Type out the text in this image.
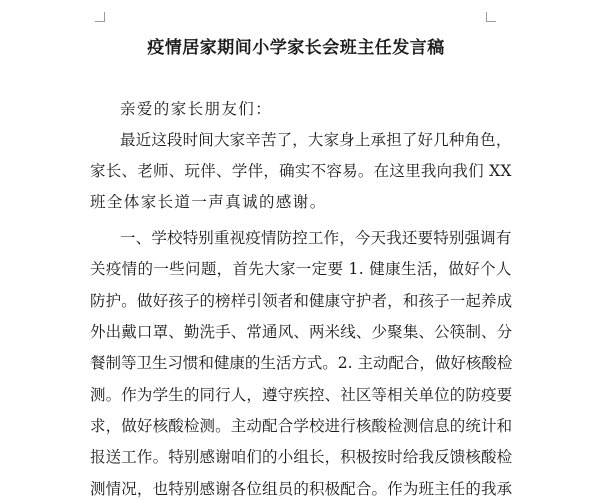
疫情居家期间小学家长会班主任发言稿
亲爱的家长朋友们：
最近这段时间大家辛苦了，大家身上承担了好几种角色，
家长、老师、玩伴、学伴，确实不容易。在这里我向我们 XX
班全体家长道一声真诚的感谢。
一、学校特别重视疫情防控工作，今天我还要特别强调有
关疫情的一些问题，首先大家一定要 1. 健康生活，做好个人
防护。做好孩子的榜样引领者和健康守护者，和孩子一起养成
外出戴口罩、勤洗手、常通风、两米线、少聚集、公筷制、分
餐制等卫生习惯和健康的生活方式。2. 主动配合，做好核酸检
测。作为学生的同行人，遵守疾控、社区等相关单位的防疫要
求，做好核酸检测。主动配合学校进行核酸检测信息的统计和
报送工作。特别感谢咱们的小组长，积极按时给我反馈核酸检
测情况，也特别感谢各位组员的积极配合。作为班主任的我承
